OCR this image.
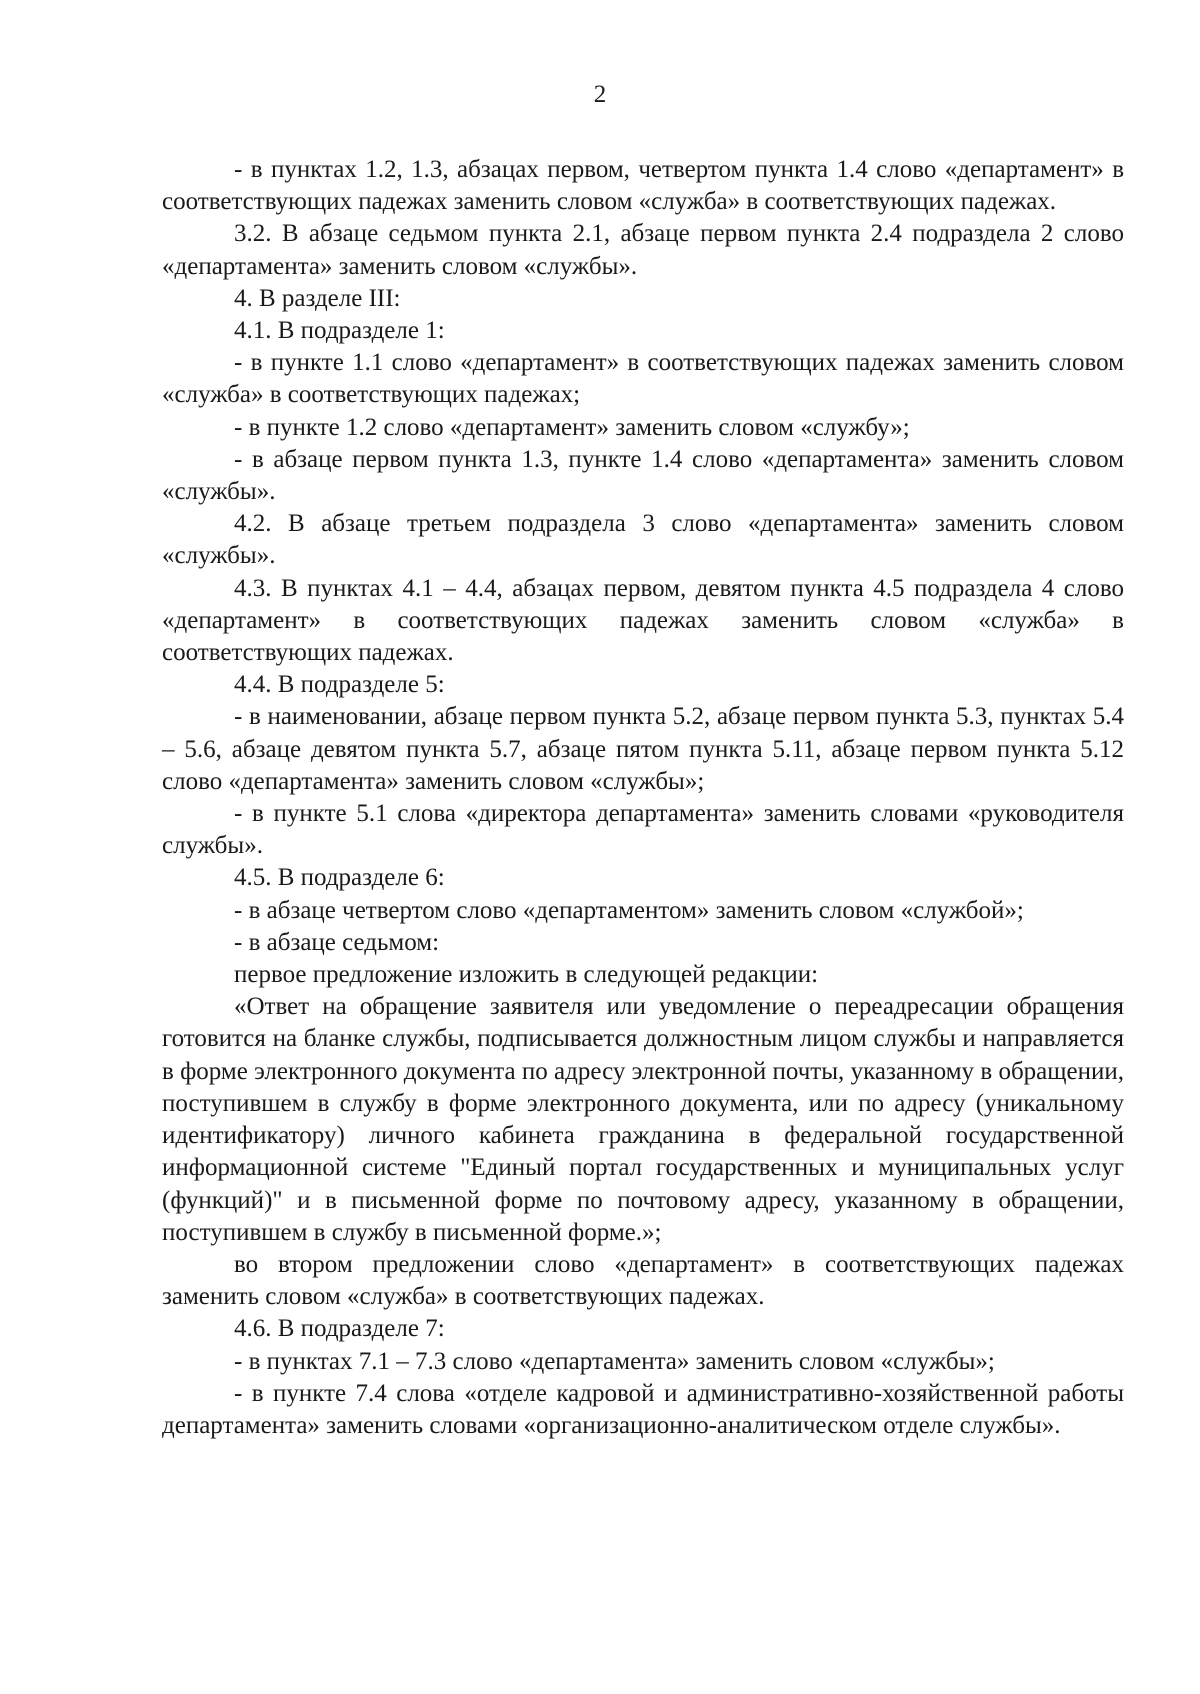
2

- в пунктах 1.2, 1.3, абзацах первом, четвертом пункта 1.4 слово «департамент» в соответствующих падежах заменить словом «служба» в соответствующих падежах.

3.2. В абзаце седьмом пункта 2.1, абзаце первом пункта 2.4 подраздела 2 слово «департамента» заменить словом «службы».

4. В разделе III:

4.1. В подразделе 1:

- в пункте 1.1 слово «департамент» в соответствующих падежах заменить словом «служба» в соответствующих падежах;

- в пункте 1.2 слово «департамент» заменить словом «службу»;

- в абзаце первом пункта 1.3, пункте 1.4 слово «департамента» заменить словом «службы».

4.2. В абзаце третьем подраздела 3 слово «департамента» заменить словом «службы».

4.3. В пунктах 4.1 – 4.4, абзацах первом, девятом пункта 4.5 подраздела 4 слово «департамент» в соответствующих падежах заменить словом «служба» в соответствующих падежах.

4.4. В подразделе 5:

- в наименовании, абзаце первом пункта 5.2, абзаце первом пункта 5.3, пунктах 5.4 – 5.6, абзаце девятом пункта 5.7, абзаце пятом пункта 5.11, абзаце первом пункта 5.12 слово «департамента» заменить словом «службы»;

- в пункте 5.1 слова «директора департамента» заменить словами «руководителя службы».

4.5. В подразделе 6:

- в абзаце четвертом слово «департаментом» заменить словом «службой»;

- в абзаце седьмом:

первое предложение изложить в следующей редакции:

«Ответ на обращение заявителя или уведомление о переадресации обращения готовится на бланке службы, подписывается должностным лицом службы и направляется в форме электронного документа по адресу электронной почты, указанному в обращении, поступившем в службу в форме электронного документа, или по адресу (уникальному идентификатору) личного кабинета гражданина в федеральной государственной информационной системе "Единый портал государственных и муниципальных услуг (функций)" и в письменной форме по почтовому адресу, указанному в обращении, поступившем в службу в письменной форме.»;

во втором предложении слово «департамент» в соответствующих падежах заменить словом «служба» в соответствующих падежах.

4.6. В подразделе 7:

- в пунктах 7.1 – 7.3 слово «департамента» заменить словом «службы»;

- в пункте 7.4 слова «отделе кадровой и административно-хозяйственной работы департамента» заменить словами «организационно-аналитическом отделе службы».
